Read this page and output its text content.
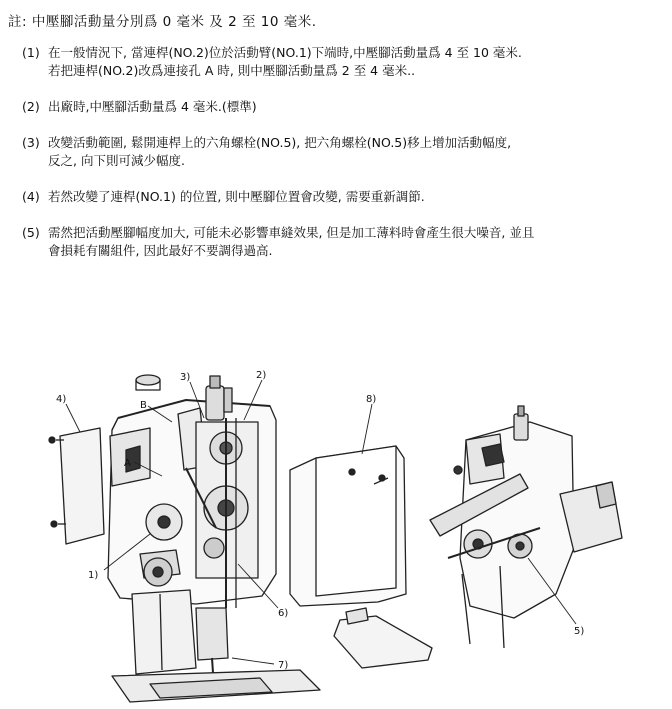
註: 中壓腳活動量分別爲 0 毫米 及 2 至 10 毫米.
(1) 在一般情況下, 當連桿(NO.2)位於活動臂(NO.1)下端時,中壓腳活動量爲 4 至 10 毫米.
若把連桿(NO.2)改爲連接孔 A 時, 則中壓腳活動量爲 2 至 4 毫米..
(2) 出廠時,中壓腳活動量爲 4 毫米.(標準)
(3) 改變活動範圍, 鬆開連桿上的六角螺栓(NO.5), 把六角螺栓(NO.5)移上增加活動幅度,
反之, 向下則可減少幅度.
(4) 若然改變了連桿(NO.1) 的位置, 則中壓腳位置會改變, 需要重新調節.
(5) 需然把活動壓腳幅度加大, 可能未必影響車縫效果, 但是加工薄料時會產生很大噪音, 並且
會損耗有關組件, 因此最好不要調得過高.
4)
3)	2)
8)
B
A
1)
6)
7)
5)
